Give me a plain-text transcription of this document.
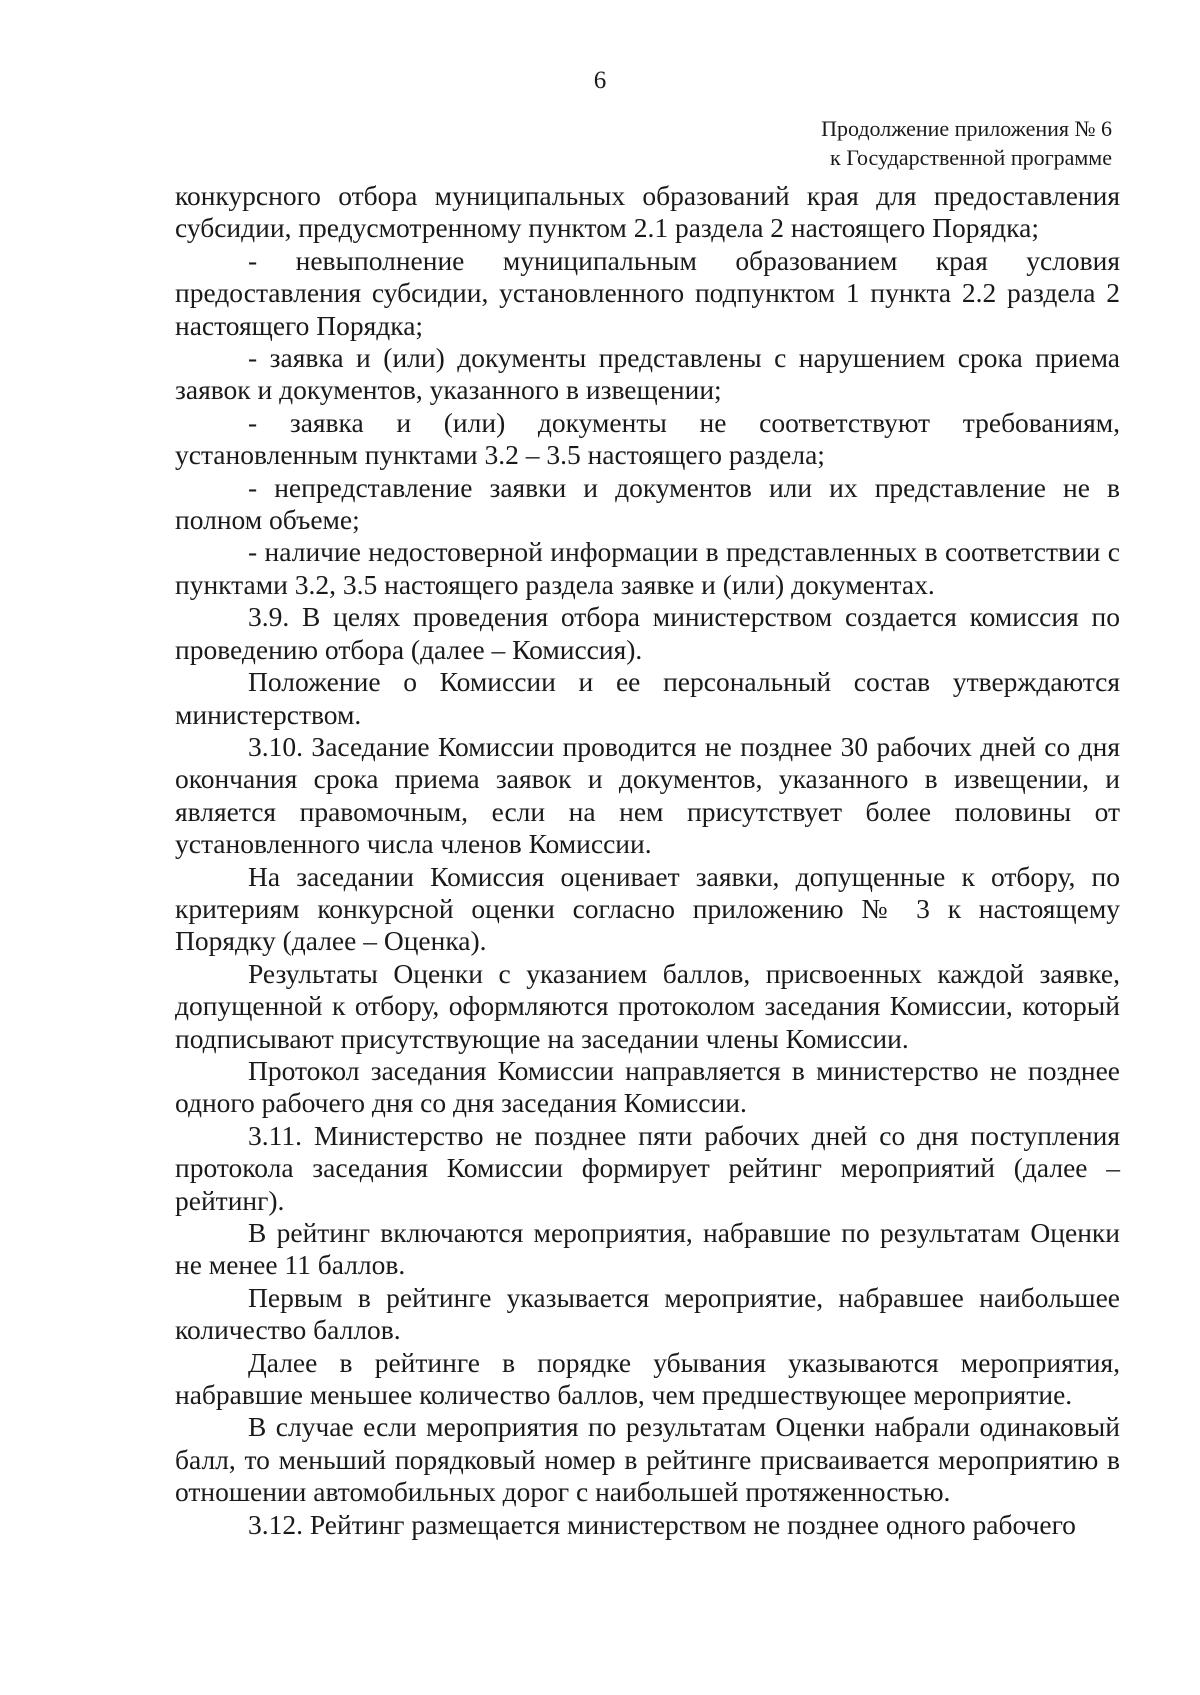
6
Продолжение приложения № 6
к Государственной программе

конкурсного отбора муниципальных образований края для предоставления субсидии, предусмотренному пунктом 2.1 раздела 2 настоящего Порядка;

- невыполнение муниципальным образованием края условия предоставления субсидии, установленного подпунктом 1 пункта 2.2 раздела 2 настоящего Порядка;

- заявка и (или) документы представлены с нарушением срока приема заявок и документов, указанного в извещении;

- заявка и (или) документы не соответствуют требованиям, установленным пунктами 3.2 – 3.5 настоящего раздела;

- непредставление заявки и документов или их представление не в полном объеме;

- наличие недостоверной информации в представленных в соответствии с пунктами 3.2, 3.5 настоящего раздела заявке и (или) документах.

3.9. В целях проведения отбора министерством создается комиссия по проведению отбора (далее – Комиссия).

Положение о Комиссии и ее персональный состав утверждаются министерством.

3.10. Заседание Комиссии проводится не позднее 30 рабочих дней со дня окончания срока приема заявок и документов, указанного в извещении, и является правомочным, если на нем присутствует более половины от установленного числа членов Комиссии.

На заседании Комиссия оценивает заявки, допущенные к отбору, по критериям конкурсной оценки согласно приложению № 3 к настоящему Порядку (далее – Оценка).

Результаты Оценки с указанием баллов, присвоенных каждой заявке, допущенной к отбору, оформляются протоколом заседания Комиссии, который подписывают присутствующие на заседании члены Комиссии.

Протокол заседания Комиссии направляется в министерство не позднее одного рабочего дня со дня заседания Комиссии.

3.11. Министерство не позднее пяти рабочих дней со дня поступления протокола заседания Комиссии формирует рейтинг мероприятий (далее – рейтинг).

В рейтинг включаются мероприятия, набравшие по результатам Оценки не менее 11 баллов.

Первым в рейтинге указывается мероприятие, набравшее наибольшее количество баллов.

Далее в рейтинге в порядке убывания указываются мероприятия, набравшие меньшее количество баллов, чем предшествующее мероприятие.

В случае если мероприятия по результатам Оценки набрали одинаковый балл, то меньший порядковый номер в рейтинге присваивается мероприятию в отношении автомобильных дорог с наибольшей протяженностью.

3.12. Рейтинг размещается министерством не позднее одного рабочего
